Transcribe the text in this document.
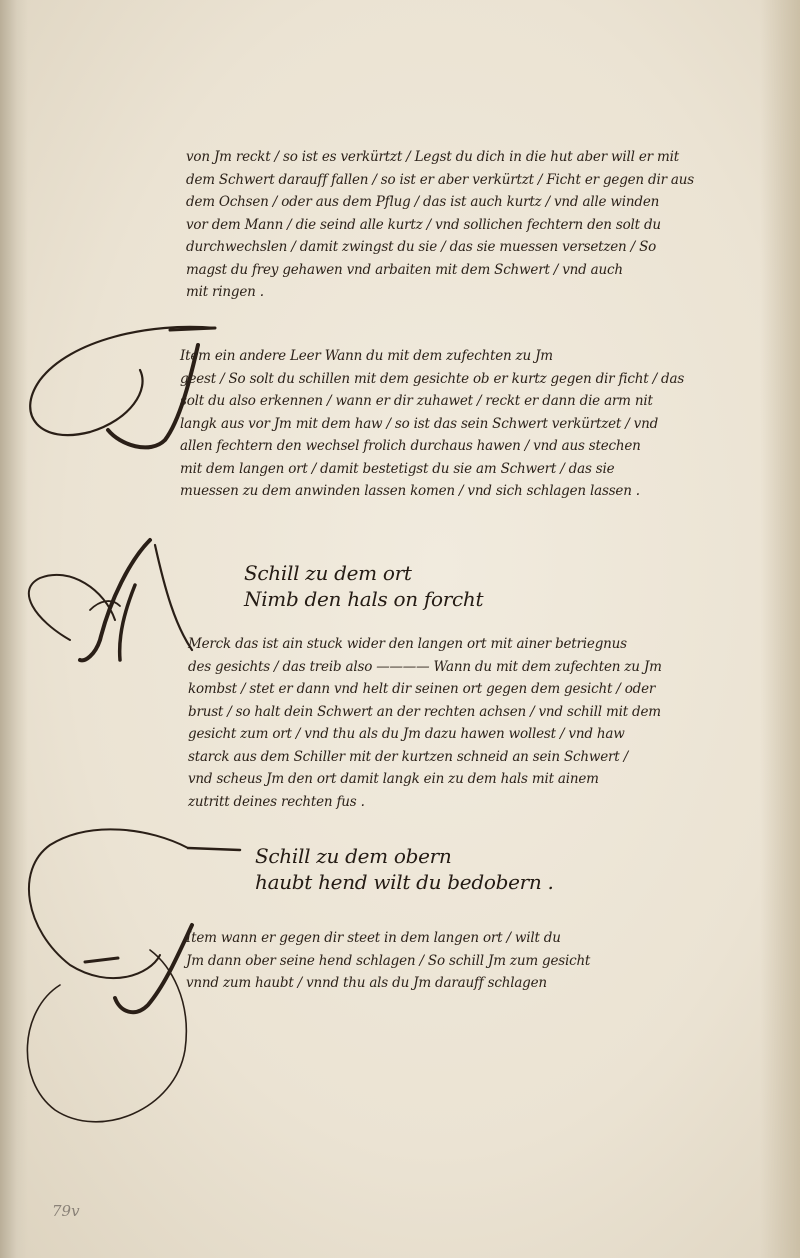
von Jm reckt / so ist es verkürtzt / Legst du dich in die hut aber will er mit
dem Schwert darauff fallen / so ist er aber verkürtzt / Ficht er gegen dir aus
dem Ochsen / oder aus dem Pflug / das ist auch kurtz / vnd alle winden
vor dem Mann / die seind alle kurtz / vnd sollichen fechtern den solt du
durchwechslen / damit zwingst du sie / das sie muessen versetzen / So
magst du frey gehawen vnd arbaiten mit dem Schwert / vnd auch
mit ringen .
Item ein andere Leer Wann du mit dem zufechten zu Jm
geest / So solt du schillen mit dem gesichte ob er kurtz gegen dir ficht / das
solt du also erkennen / wann er dir zuhawet / reckt er dann die arm nit
langk aus vor Jm mit dem haw / so ist das sein Schwert verkürtzet / vnd
allen fechtern den wechsel frolich durchaus hawen / vnd aus stechen
mit dem langen ort / damit bestetigst du sie am Schwert / das sie
muessen zu dem anwinden lassen komen / vnd sich schlagen lassen .
Schill zu dem ort
Nimb den hals on forcht
Merck das ist ain stuck wider den langen ort mit ainer betriegnus
des gesichts / das treib also ———— Wann du mit dem zufechten zu Jm
kombst / stet er dann vnd helt dir seinen ort gegen dem gesicht / oder
brust / so halt dein Schwert an der rechten achsen / vnd schill mit dem
gesicht zum ort / vnd thu als du Jm dazu hawen wollest / vnd haw
starck aus dem Schiller mit der kurtzen schneid an sein Schwert /
vnd scheus Jm den ort damit langk ein zu dem hals mit ainem
zutritt deines rechten fus .
Schill zu dem obern
haubt hend wilt du bedobern .
Item wann er gegen dir steet in dem langen ort / wilt du
Jm dann ober seine hend schlagen / So schill Jm zum gesicht
vnnd zum haubt / vnnd thu als du Jm darauff schlagen
79v
